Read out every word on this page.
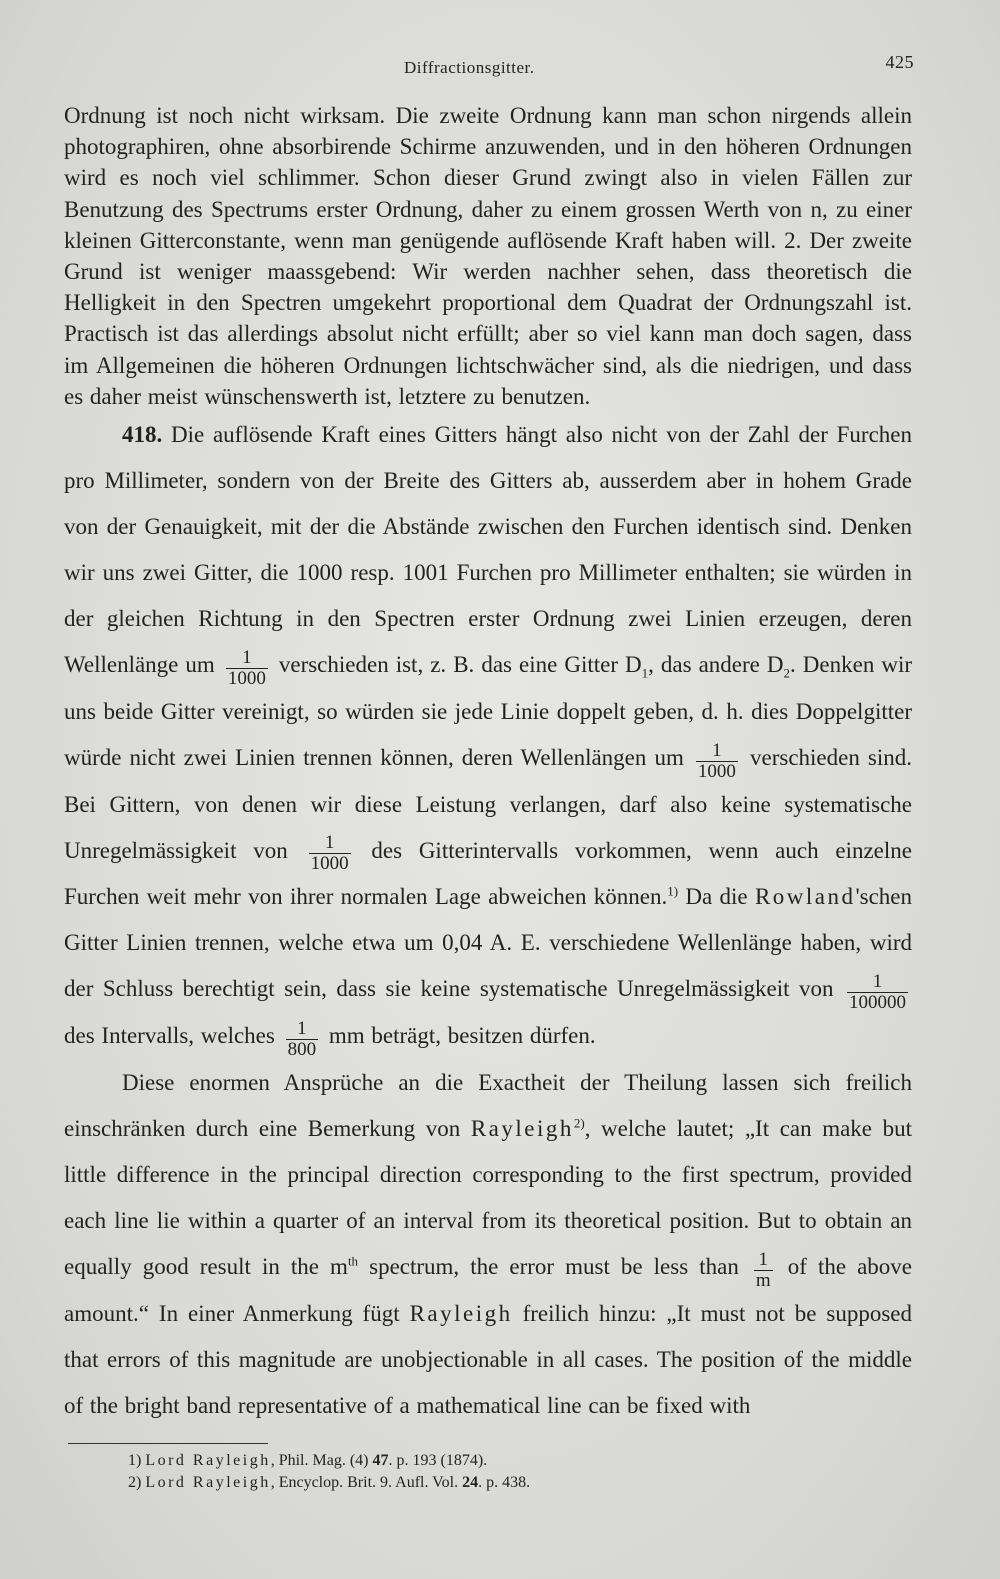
Diffractionsgitter.	425

Ordnung ist noch nicht wirksam. Die zweite Ordnung kann man schon nirgends allein photographiren, ohne absorbirende Schirme anzuwenden, und in den höheren Ordnungen wird es noch viel schlimmer. Schon dieser Grund zwingt also in vielen Fällen zur Benutzung des Spectrums erster Ordnung, daher zu einem grossen Werth von n, zu einer kleinen Gitterconstante, wenn man genügende auflösende Kraft haben will. 2. Der zweite Grund ist weniger maassgebend: Wir werden nachher sehen, dass theoretisch die Helligkeit in den Spectren umgekehrt proportional dem Quadrat der Ordnungszahl ist. Practisch ist das allerdings absolut nicht erfüllt; aber so viel kann man doch sagen, dass im Allgemeinen die höheren Ordnungen lichtschwächer sind, als die niedrigen, und dass es daher meist wünschenswerth ist, letztere zu benutzen.

418. Die auflösende Kraft eines Gitters hängt also nicht von der Zahl der Furchen pro Millimeter, sondern von der Breite des Gitters ab, ausserdem aber in hohem Grade von der Genauigkeit, mit der die Abstände zwischen den Furchen identisch sind. Denken wir uns zwei Gitter, die 1000 resp. 1001 Furchen pro Millimeter enthalten; sie würden in der gleichen Richtung in den Spectren erster Ordnung zwei Linien erzeugen, deren Wellenlänge um $\frac{1}{1000}$ verschieden ist, z. B. das eine Gitter $D_1$, das andere $D_2$. Denken wir uns beide Gitter vereinigt, so würden sie jede Linie doppelt geben, d. h. dies Doppelgitter würde nicht zwei Linien trennen können, deren Wellenlängen um $\frac{1}{1000}$ verschieden sind. Bei Gittern, von denen wir diese Leistung verlangen, darf also keine systematische Unregelmässigkeit von $\frac{1}{1000}$ des Gitterintervalls vorkommen, wenn auch einzelne Furchen weit mehr von ihrer normalen Lage abweichen können.$^{1)}$ Da die Rowland'schen Gitter Linien trennen, welche etwa um 0,04 A. E. verschiedene Wellenlänge haben, wird der Schluss berechtigt sein, dass sie keine systematische Unregelmässigkeit von $\frac{1}{100000}$
des Intervalls, welches $\frac{1}{800}$ mm beträgt, besitzen dürfen.

Diese enormen Ansprüche an die Exactheit der Theilung lassen sich freilich einschränken durch eine Bemerkung von Rayleigh$^{2)}$, welche lautet; „It can make but little difference in the principal direction corresponding to the first spectrum, provided each line lie within a quarter of an interval from its theoretical position. But to obtain an equally good result in the $m^{th}$ spectrum, the error must be less than $\frac{1}{m}$ of the above amount.“ In einer Anmerkung fügt Rayleigh freilich hinzu: „It must not be supposed that errors of this magnitude are unobjectionable in all cases. The position of the middle of the bright band representative of a mathematical line can be fixed with

1) Lord Rayleigh, Phil. Mag. (4) 47. p. 193 (1874).
2) Lord Rayleigh, Encyclop. Brit. 9. Aufl. Vol. 24. p. 438.
